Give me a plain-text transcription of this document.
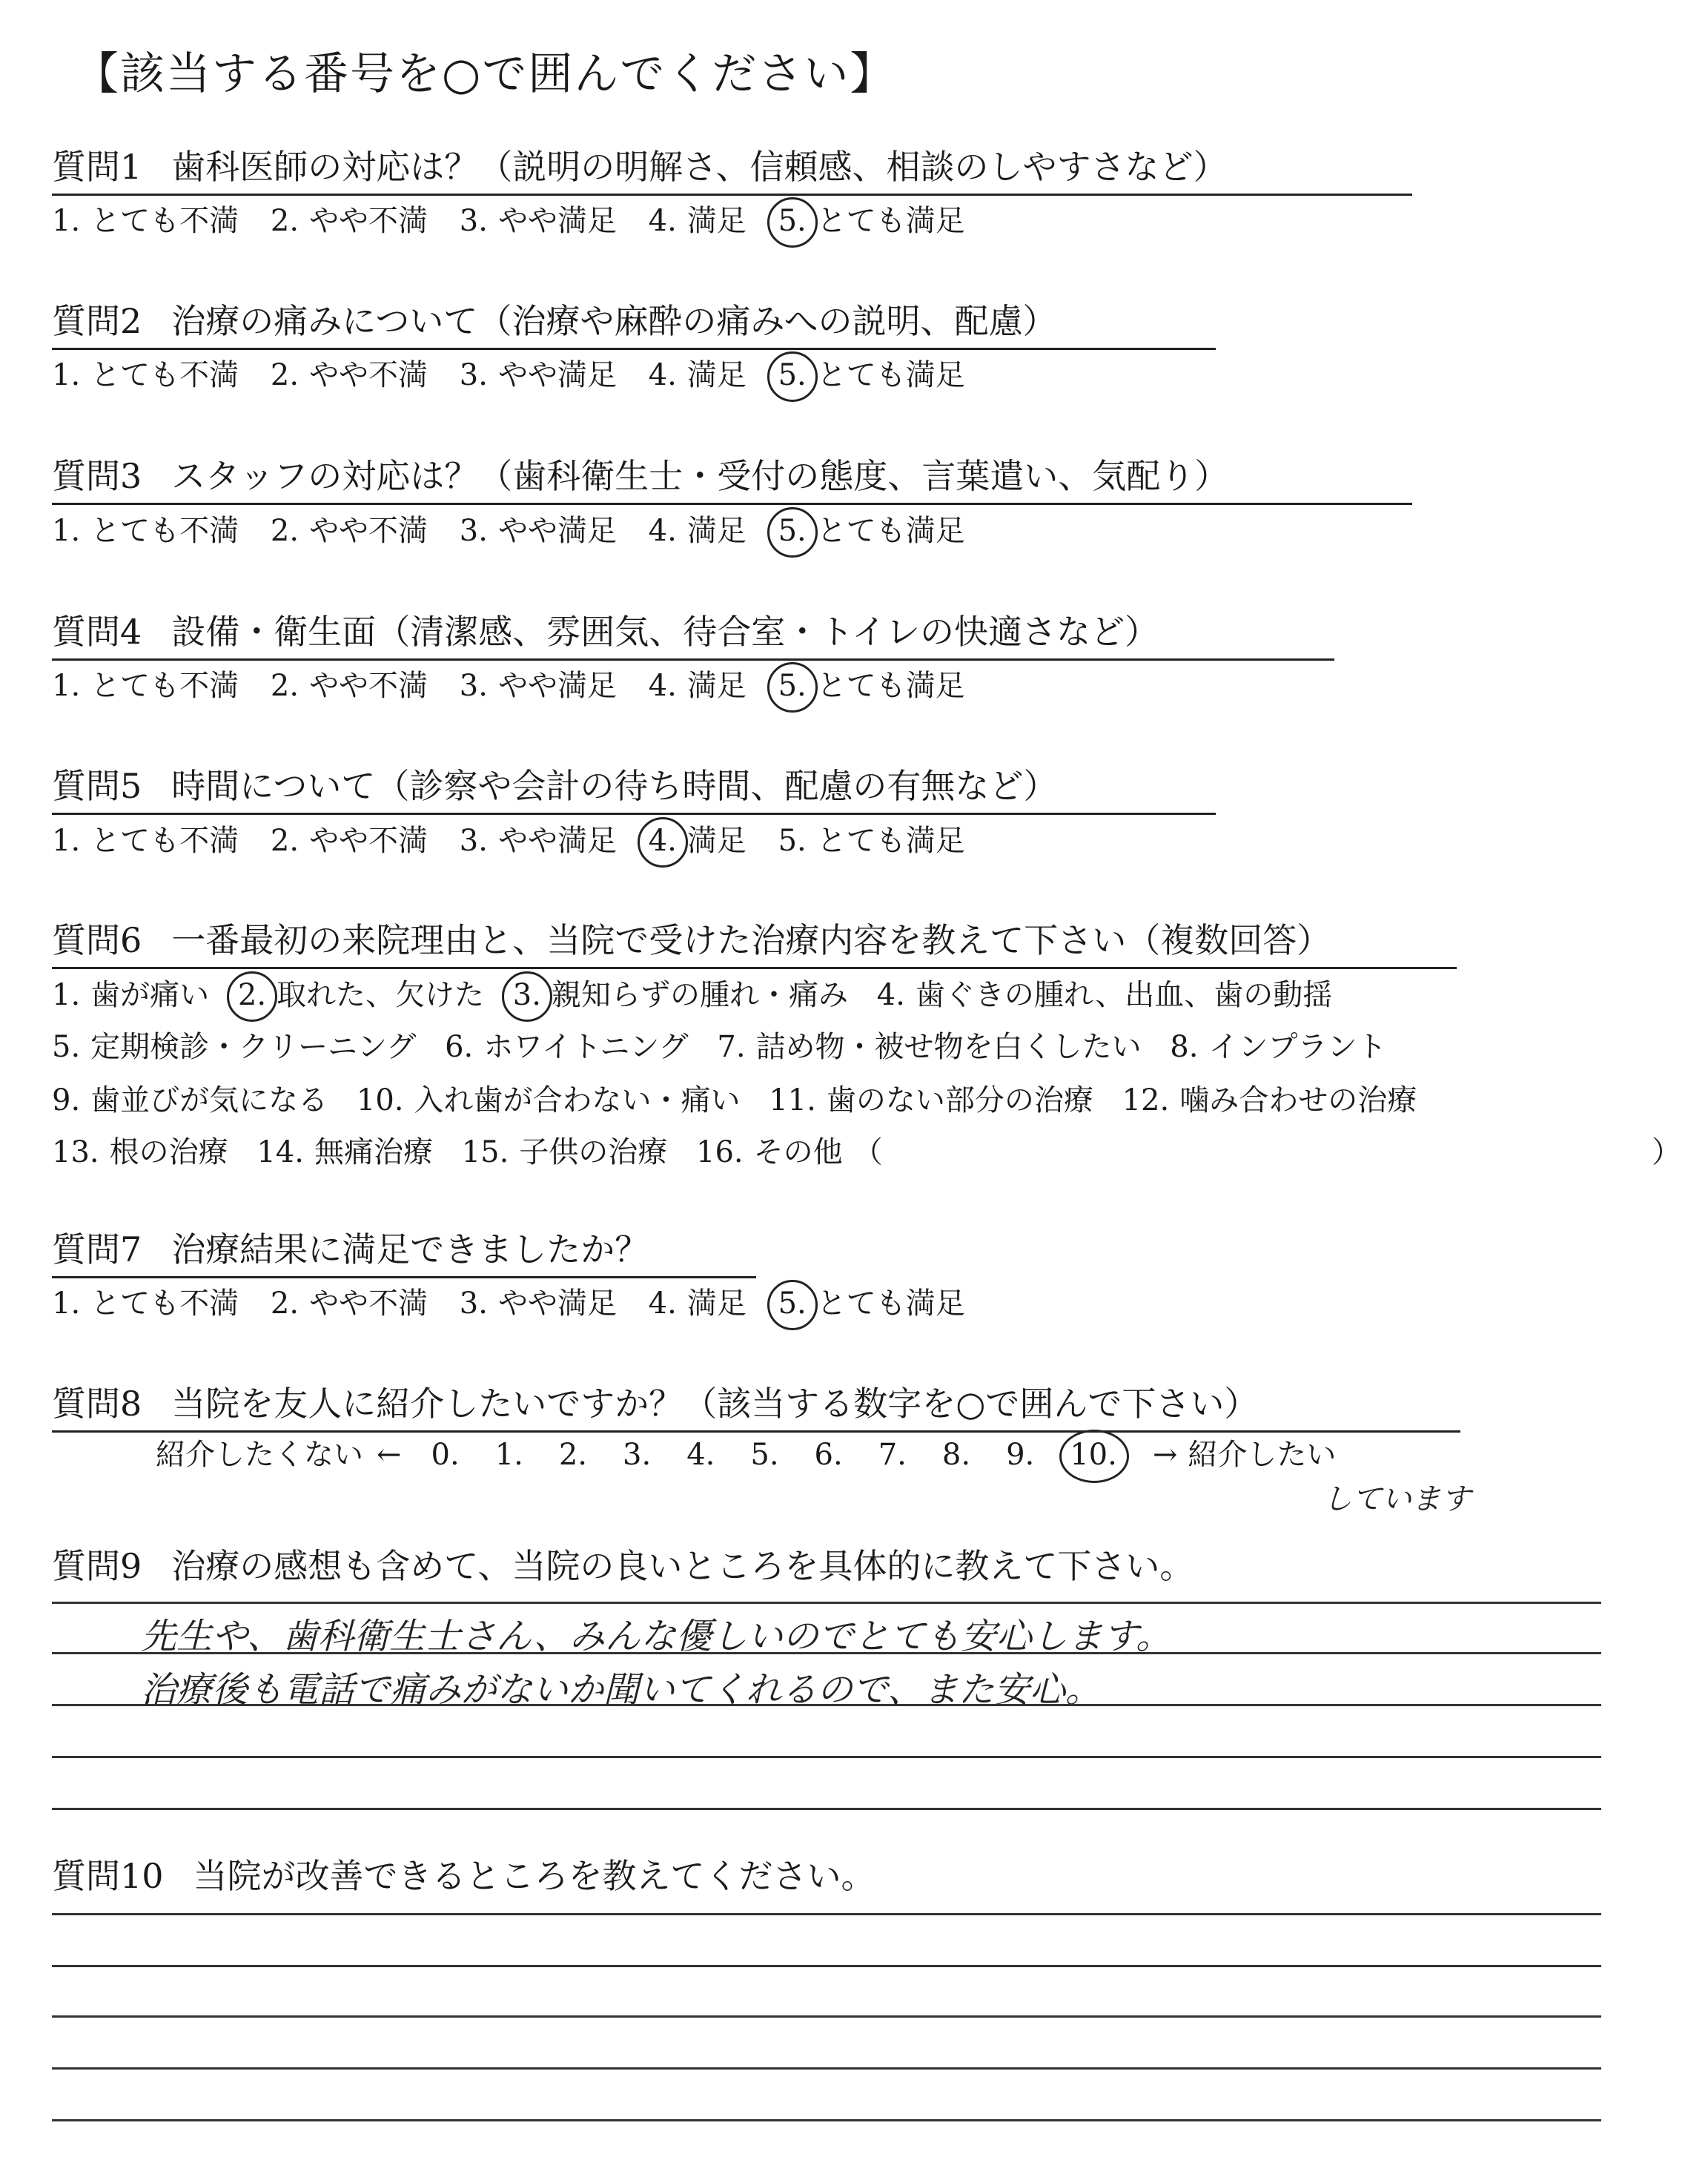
【該当する番号を○で囲んでください】
質問1 歯科医師の対応は？（説明の明解さ、信頼感、相談のしやすさなど）
1. とても不満 2. やや不満 3. やや満足 4. 満足 5. とても満足
質問2 治療の痛みについて（治療や麻酔の痛みへの説明、配慮）
1. とても不満 2. やや不満 3. やや満足 4. 満足 5. とても満足
質問3 スタッフの対応は？（歯科衛生士・受付の態度、言葉遣い、気配り）
1. とても不満 2. やや不満 3. やや満足 4. 満足 5. とても満足
質問4 設備・衛生面（清潔感、雰囲気、待合室・トイレの快適さなど）
1. とても不満 2. やや不満 3. やや満足 4. 満足 5. とても満足
質問5 時間について（診察や会計の待ち時間、配慮の有無など）
1. とても不満 2. やや不満 3. やや満足 4. 満足 5. とても満足
質問6 一番最初の来院理由と、当院で受けた治療内容を教えて下さい（複数回答）
1. 歯が痛い 2. 取れた、欠けた 3. 親知らずの腫れ・痛み 4. 歯ぐきの腫れ、出血、歯の動揺
5. 定期検診・クリーニング 6. ホワイトニング 7. 詰め物・被せ物を白くしたい 8. インプラント
9. 歯並びが気になる 10. 入れ歯が合わない・痛い 11. 歯のない部分の治療 12. 噛み合わせの治療
13. 根の治療 14. 無痛治療 15. 子供の治療 16. その他 （	）
質問7 治療結果に満足できましたか？
1. とても不満 2. やや不満 3. やや満足 4. 満足 5. とても満足
質問8 当院を友人に紹介したいですか？（該当する数字を○で囲んで下さい）
紹介したくない ← 0. 1. 2. 3. 4. 5. 6. 7. 8. 9. 10. → 紹介したい
しています
質問9 治療の感想も含めて、当院の良いところを具体的に教えて下さい。
先生や、歯科衛生士さん、みんな優しいのでとても安心します。
治療後も電話で痛みがないか聞いてくれるので、また安心。
質問10 当院が改善できるところを教えてください。
